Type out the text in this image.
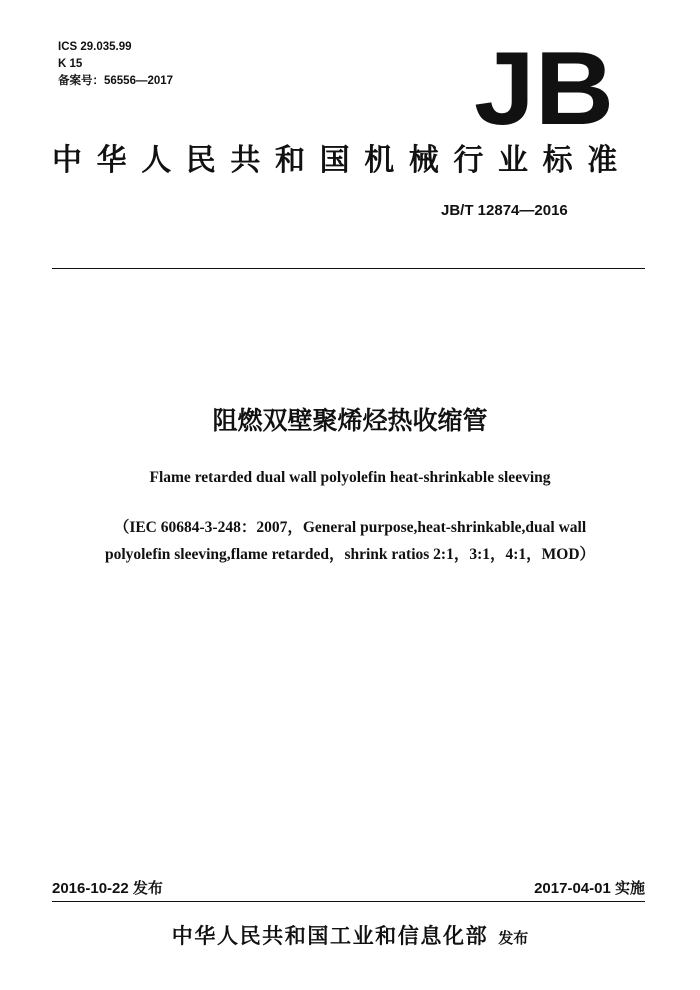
ICS 29.035.99
K 15
备案号：56556—2017	JB
中华人民共和国机械行业标准
JB/T 12874—2016
阻燃双壁聚烯烃热收缩管
Flame retarded dual wall polyolefin heat-shrinkable sleeving
（IEC 60684-3-248：2007，General purpose,heat-shrinkable,dual wall
polyolefin sleeving,flame retarded，shrink ratios 2:1，3:1，4:1，MOD）
2016-10-22 发布	2017-04-01 实施
中华人民共和国工业和信息化部 发布
